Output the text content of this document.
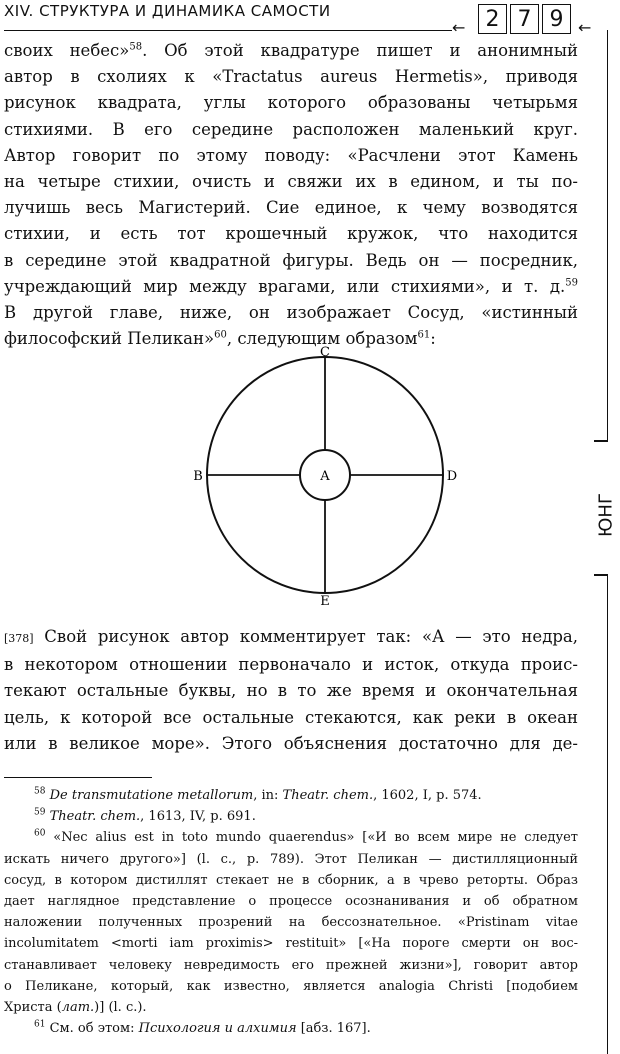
XIV. СТРУКТУРА И ДИНАМИКА САМОСТИ
← 2 7 9 ←
ЮНГ
своих небес»$^{58}$. Об этой квадратуре пишет и анонимный
автор в схолиях к «Tractatus aureus Hermetis», приводя
рисунок квадрата, углы которого образованы четырьмя
стихиями. В его середине расположен маленький круг.
Автор говорит по этому поводу: «Расчлени этот Камень
на четыре стихии, очисть и свяжи их в едином, и ты по-
лучишь весь Магистерий. Сие единое, к чему возводятся
стихии, и есть тот крошечный кружок, что находится
в середине этой квадратной фигуры. Ведь он — посредник,
учреждающий мир между врагами, или стихиями», и т. д.$^{59}$
В другой главе, ниже, он изображает Сосуд, «истинный
философский Пеликан»$^{60}$, следующим образом$^{61}$:
A
C
B	D
E
[378] Свой рисунок автор комментирует так: «А — это недра,
в некотором отношении первоначало и исток, откуда проис-
текают остальные буквы, но в то же время и окончательная
цель, к которой все остальные стекаются, как реки в океан
или в великое море». Этого объяснения достаточно для де-
$^{58}$ De transmutatione metallorum, in: Theatr. chem., 1602, I, p. 574.
$^{59}$ Theatr. chem., 1613, IV, p. 691.
$^{60}$ «Nec alius est in toto mundo quaerendus» [«И во всем мире не следует
искать ничего другого»] (l. c., p. 789). Этот Пеликан — дистилляционный
сосуд, в котором дистиллят стекает не в сборник, а в чрево реторты. Образ
дает наглядное представление о процессе осознанивания и об обратном
наложении полученных прозрений на бессознательное. «Pristinam vitae
incolumitatem <morti iam proximis> restituit» [«На пороге смерти он вос-
станавливает человеку невредимость его прежней жизни»], говорит автор
о Пеликане, который, как известно, является analogia Christi [подобием
Христа (лат.)] (l. c.).
$^{61}$ См. об этом: Психология и алхимия [абз. 167].
